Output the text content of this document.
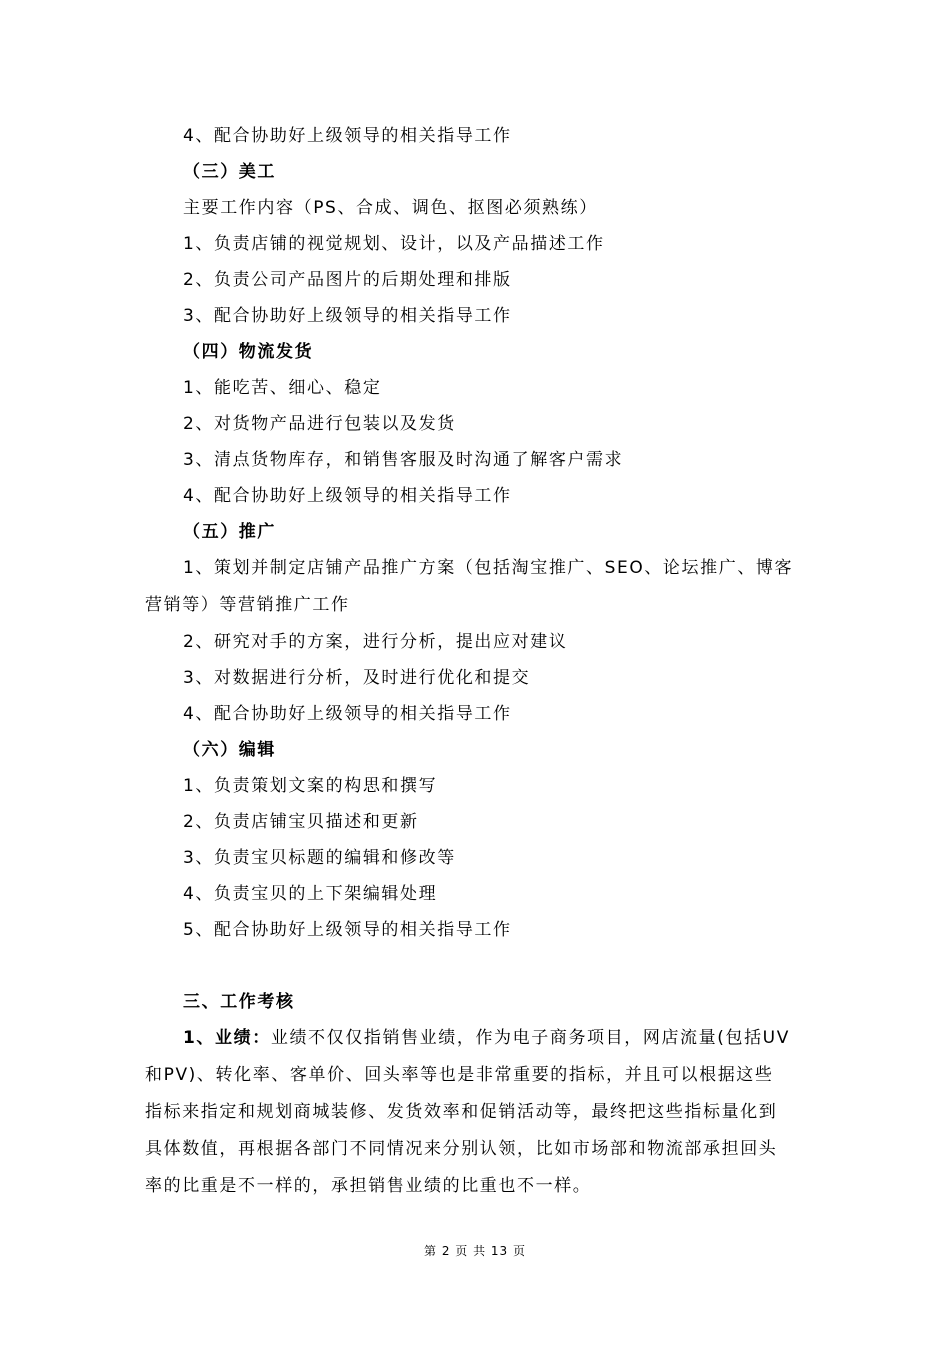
4、配合协助好上级领导的相关指导工作
（三）美工
主要工作内容（PS、合成、调色、抠图必须熟练）
1、负责店铺的视觉规划、设计，以及产品描述工作
2、负责公司产品图片的后期处理和排版
3、配合协助好上级领导的相关指导工作
（四）物流发货
1、能吃苦、细心、稳定
2、对货物产品进行包装以及发货
3、清点货物库存，和销售客服及时沟通了解客户需求
4、配合协助好上级领导的相关指导工作
（五）推广
1、策划并制定店铺产品推广方案（包括淘宝推广、SEO、论坛推广、博客
营销等）等营销推广工作
2、研究对手的方案，进行分析，提出应对建议
3、对数据进行分析，及时进行优化和提交
4、配合协助好上级领导的相关指导工作
（六）编辑
1、负责策划文案的构思和撰写
2、负责店铺宝贝描述和更新
3、负责宝贝标题的编辑和修改等
4、负责宝贝的上下架编辑处理
5、配合协助好上级领导的相关指导工作
三、工作考核
1、业绩：业绩不仅仅指销售业绩，作为电子商务项目，网店流量(包括UV
和PV)、转化率、客单价、回头率等也是非常重要的指标，并且可以根据这些
指标来指定和规划商城装修、发货效率和促销活动等，最终把这些指标量化到
具体数值，再根据各部门不同情况来分别认领，比如市场部和物流部承担回头
率的比重是不一样的，承担销售业绩的比重也不一样。
第 2 页 共 13 页
